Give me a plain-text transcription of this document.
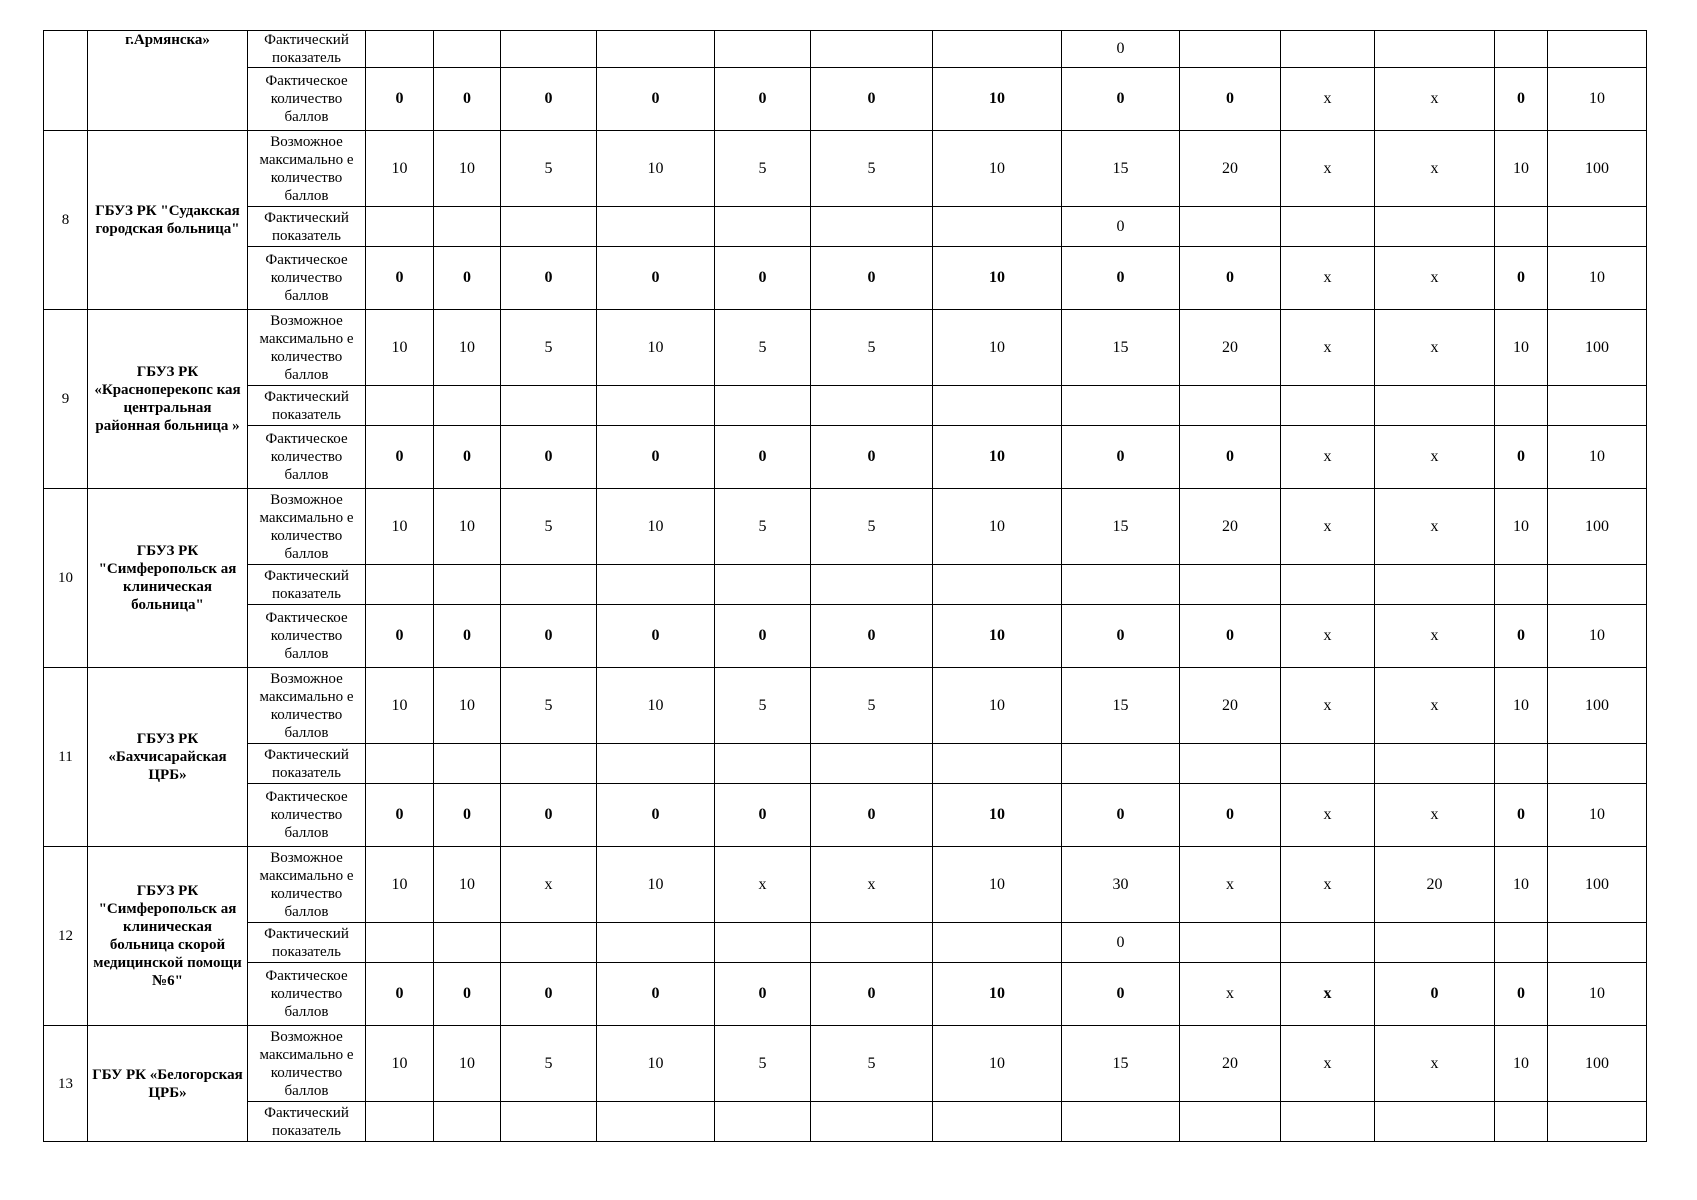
	г.Армянска»	Фактический показатель								0					
		Фактическое количество баллов	0	0	0	0	0	0	10	0	0	х	х	0	10
8	ГБУЗ РК "Судакская городская больница"	Возможное максимально е количество баллов	10	10	5	10	5	5	10	15	20	х	х	10	100
		Фактический показатель								0					
		Фактическое количество баллов	0	0	0	0	0	0	10	0	0	х	х	0	10
9	ГБУЗ РК «Красноперекопс кая центральная районная больница »	Возможное максимально е количество баллов	10	10	5	10	5	5	10	15	20	х	х	10	100
		Фактический показатель													
		Фактическое количество баллов	0	0	0	0	0	0	10	0	0	х	х	0	10
10	ГБУЗ РК "Симферопольск ая клиническая больница"	Возможное максимально е количество баллов	10	10	5	10	5	5	10	15	20	х	х	10	100
		Фактический показатель													
		Фактическое количество баллов	0	0	0	0	0	0	10	0	0	х	х	0	10
11	ГБУЗ РК «Бахчисарайская ЦРБ»	Возможное максимально е количество баллов	10	10	5	10	5	5	10	15	20	х	х	10	100
		Фактический показатель													
		Фактическое количество баллов	0	0	0	0	0	0	10	0	0	х	х	0	10
12	ГБУЗ РК "Симферопольск ая клиническая больница скорой медицинской помощи №6"	Возможное максимально е количество баллов	10	10	х	10	х	х	10	30	х	х	20	10	100
		Фактический показатель								0					
		Фактическое количество баллов	0	0	0	0	0	0	10	0	х	х	0	0	10
13	ГБУ РК «Белогорская ЦРБ»	Возможное максимально е количество баллов	10	10	5	10	5	5	10	15	20	х	х	10	100
		Фактический показатель													
